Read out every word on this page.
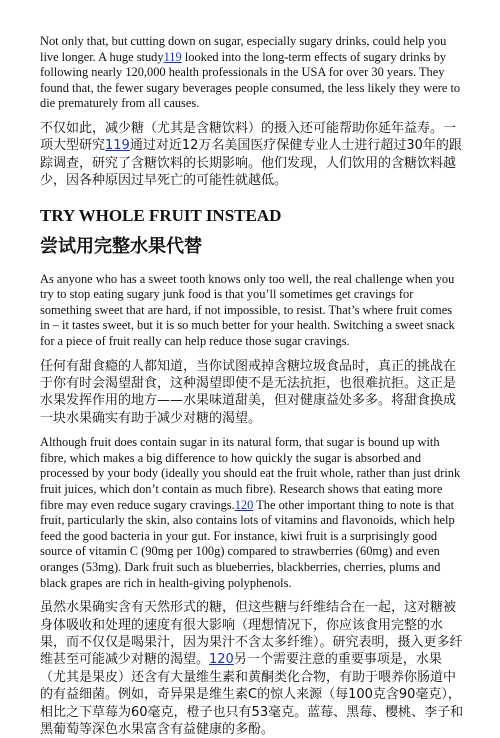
Not only that, but cutting down on sugar, especially sugary drinks, could help you live longer. A huge study119 looked into the long-term effects of sugary drinks by following nearly 120,000 health professionals in the USA for over 30 years. They found that, the fewer sugary beverages people consumed, the less likely they were to die prematurely from all causes.

不仅如此，减少糖（尤其是含糖饮料）的摄入还可能帮助你延年益寿。一项大型研究119通过对近12万名美国医疗保健专业人士进行超过30年的跟踪调查，研究了含糖饮料的长期影响。他们发现，人们饮用的含糖饮料越少，因各种原因过早死亡的可能性就越低。

TRY WHOLE FRUIT INSTEAD
尝试用完整水果代替

As anyone who has a sweet tooth knows only too well, the real challenge when you try to stop eating sugary junk food is that you’ll sometimes get cravings for something sweet that are hard, if not impossible, to resist. That’s where fruit comes in – it tastes sweet, but it is so much better for your health. Switching a sweet snack for a piece of fruit really can help reduce those sugar cravings.

任何有甜食瘾的人都知道，当你试图戒掉含糖垃圾食品时，真正的挑战在于你有时会渴望甜食，这种渴望即使不是无法抗拒，也很难抗拒。这正是水果发挥作用的地方——水果味道甜美，但对健康益处多多。将甜食换成一块水果确实有助于减少对糖的渴望。

Although fruit does contain sugar in its natural form, that sugar is bound up with fibre, which makes a big difference to how quickly the sugar is absorbed and processed by your body (ideally you should eat the fruit whole, rather than just drink fruit juices, which don’t contain as much fibre). Research shows that eating more fibre may even reduce sugary cravings.120 The other important thing to note is that fruit, particularly the skin, also contains lots of vitamins and flavonoids, which help feed the good bacteria in your gut. For instance, kiwi fruit is a surprisingly good source of vitamin C (90mg per 100g) compared to strawberries (60mg) and even oranges (53mg). Dark fruit such as blueberries, blackberries, cherries, plums and black grapes are rich in health-giving polyphenols.

虽然水果确实含有天然形式的糖，但这些糖与纤维结合在一起，这对糖被身体吸收和处理的速度有很大影响（理想情况下，你应该食用完整的水果，而不仅仅是喝果汁，因为果汁不含太多纤维）。研究表明，摄入更多纤维甚至可能减少对糖的渴望。120另一个需要注意的重要事项是，水果（尤其是果皮）还含有大量维生素和黄酮类化合物，有助于喂养你肠道中的有益细菌。例如，奇异果是维生素C的惊人来源（每100克含90毫克），相比之下草莓为60毫克，橙子也只有53毫克。蓝莓、黑莓、樱桃、李子和黑葡萄等深色水果富含有益健康的多酚。
